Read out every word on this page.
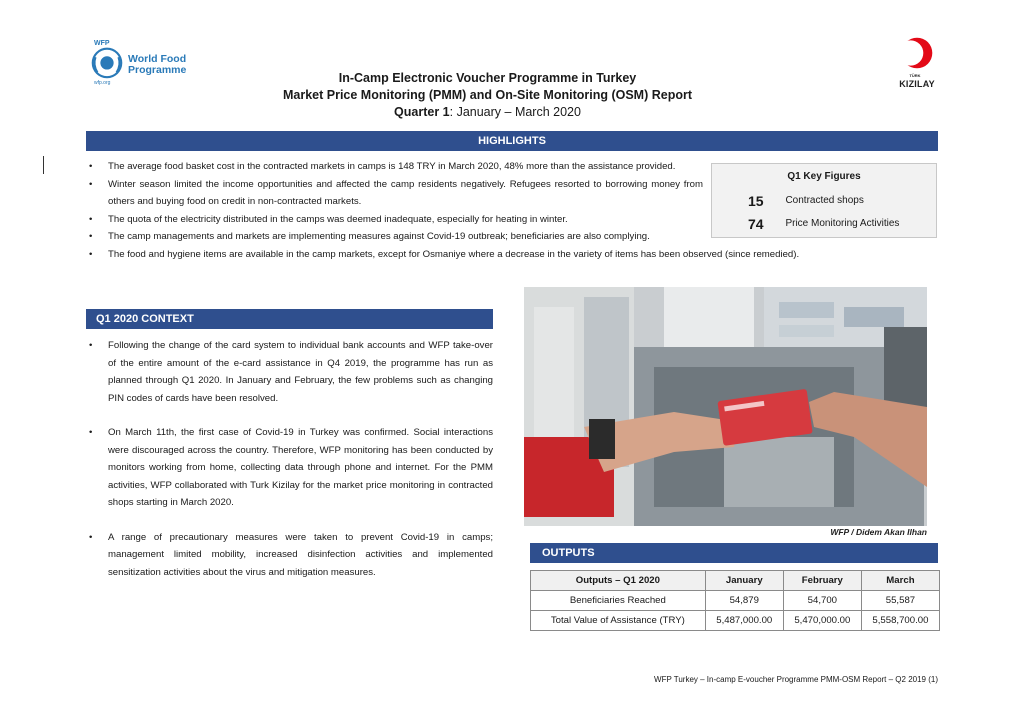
WFP
World Food
Programme
wfp.org
TÜRK
KIZILAY
In-Camp Electronic Voucher Programme in Turkey
Market Price Monitoring (PMM) and On-Site Monitoring (OSM) Report
Quarter 1: January – March 2020
HIGHLIGHTS
• The average food basket cost in the contracted markets in camps is 148 TRY in March 2020, 48% more than the assistance provided.
• Winter season limited the income opportunities and affected the camp residents negatively. Refugees resorted to borrowing money from others and buying food on credit in non-contracted markets.
• The quota of the electricity distributed in the camps was deemed inadequate, especially for heating in winter.
• The camp managements and markets are implementing measures against Covid-19 outbreak; beneficiaries are also complying.
• The food and hygiene items are available in the camp markets, except for Osmaniye where a decrease in the variety of items has been observed (since remedied).
Q1 Key Figures
15 Contracted shops
74 Price Monitoring Activities
Q1 2020 CONTEXT
• Following the change of the card system to individual bank accounts and WFP take-over of the entire amount of the e-card assistance in Q4 2019, the programme has run as planned through Q1 2020. In January and February, the few problems such as changing PIN codes of cards have been resolved.
• On March 11th, the first case of Covid-19 in Turkey was confirmed. Social interactions were discouraged across the country. Therefore, WFP monitoring has been conducted by monitors working from home, collecting data through phone and internet. For the PMM activities, WFP collaborated with Turk Kizilay for the market price monitoring in contracted shops starting in March 2020.
• A range of precautionary measures were taken to prevent Covid-19 in camps; management limited mobility, increased disinfection activities and implemented sensitization activities about the virus and mitigation measures.
WFP / Didem Akan Ilhan
OUTPUTS
Outputs – Q1 2020	January	February	March
Beneficiaries Reached	54,879	54,700	55,587
Total Value of Assistance (TRY)	5,487,000.00	5,470,000.00	5,558,700.00
WFP Turkey – In-camp E-voucher Programme PMM-OSM Report – Q2 2019 (1)
